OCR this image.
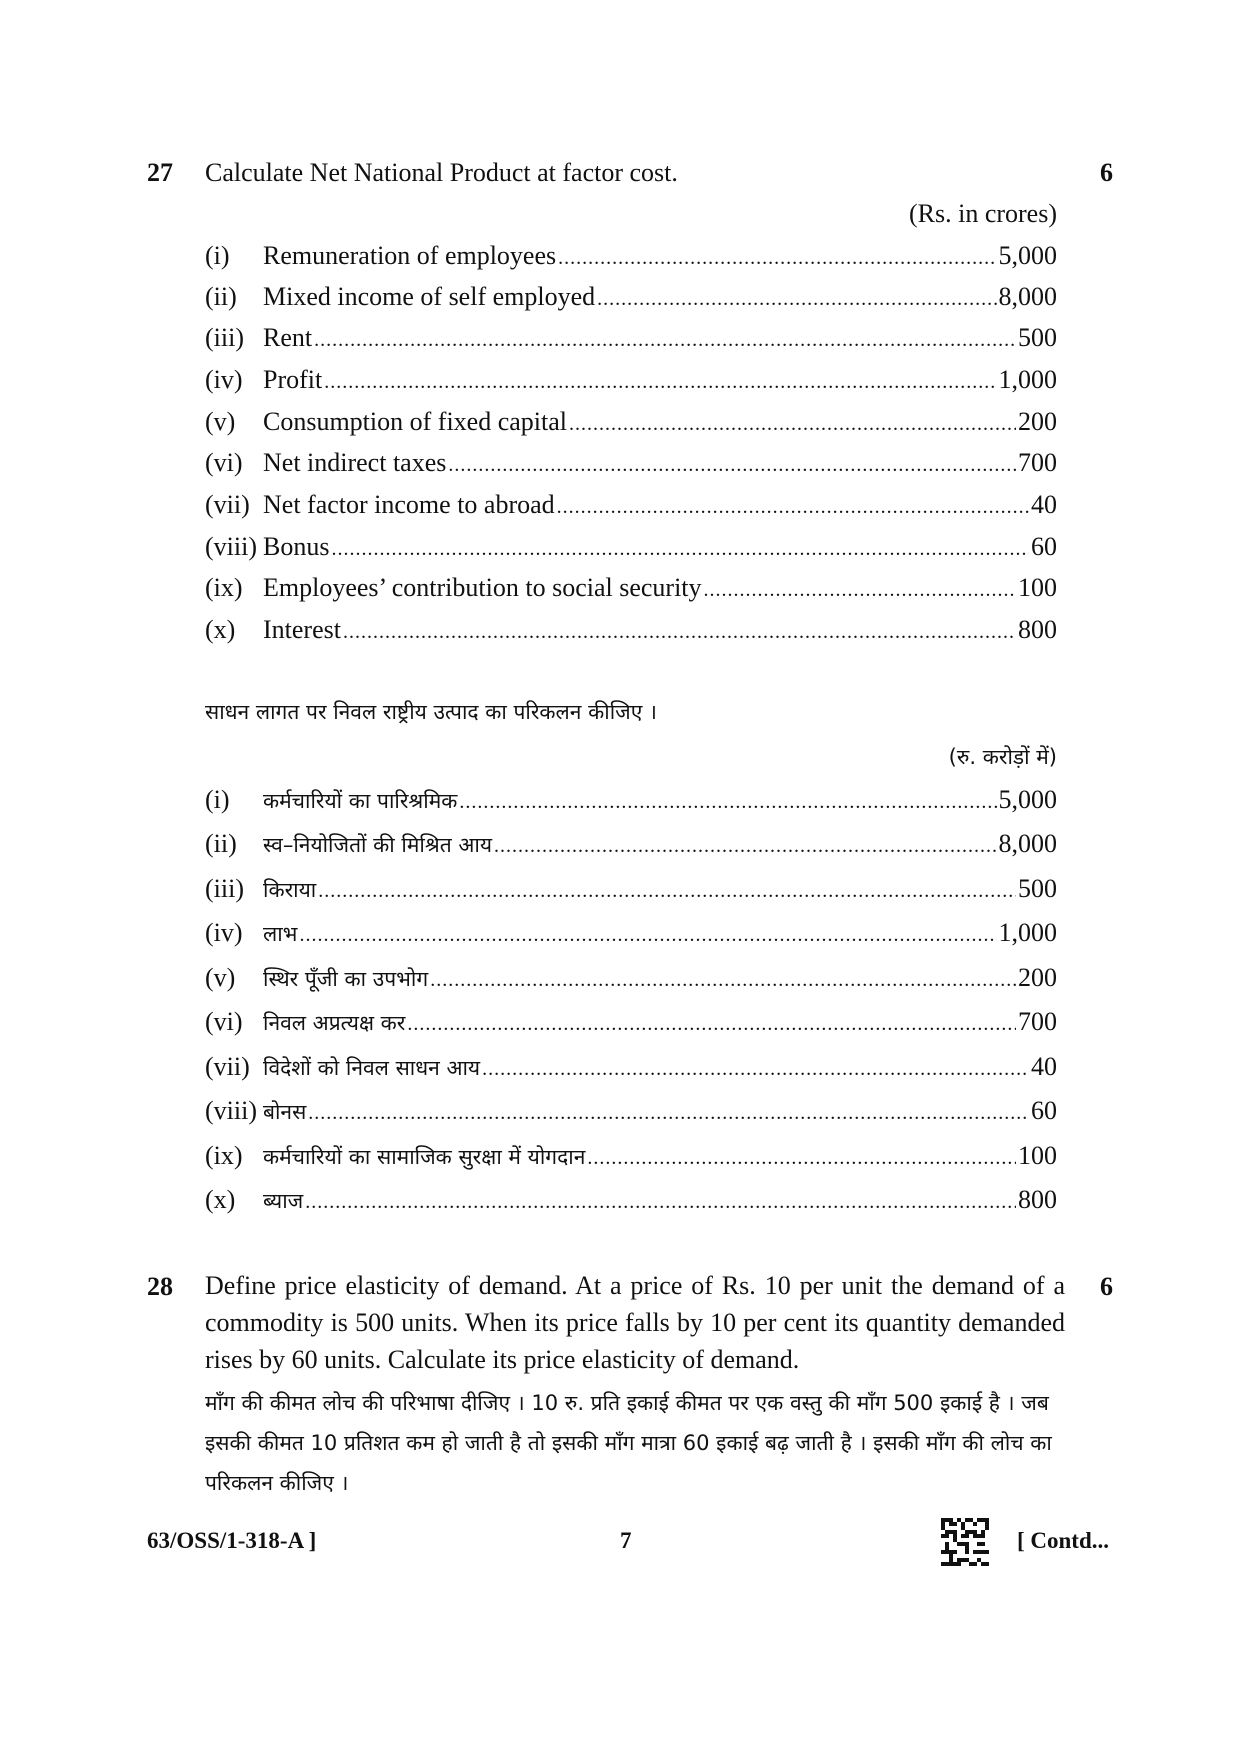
27 Calculate Net National Product at factor cost.	6
(Rs. in crores)
(i) Remuneration of employees .....	5,000
(ii) Mixed income of self employed .....	8,000
(iii) Rent .....	500
(iv) Profit .....	1,000
(v) Consumption of fixed capital .....	200
(vi) Net indirect taxes .....	700
(vii) Net factor income to abroad .....	40
(viii) Bonus .....	60
(ix) Employees’ contribution to social security .....	100
(x) Interest .....	800
साधन लागत पर निवल राष्ट्रीय उत्पाद का परिकलन कीजिए ।
(रु. करोड़ों में)
(i) कर्मचारियों का पारिश्रमिक .....	5,000
(ii) स्व–नियोजितों की मिश्रित आय .....	8,000
(iii) किराया .....	500
(iv) लाभ .....	1,000
(v) स्थिर पूँजी का उपभोग .....	200
(vi) निवल अप्रत्यक्ष कर .....	700
(vii) विदेशों को निवल साधन आय .....	40
(viii) बोनस .....	60
(ix) कर्मचारियों का सामाजिक सुरक्षा में योगदान .....	100
(x) ब्याज .....	800
28	6
Define price elasticity of demand. At a price of Rs. 10 per unit the demand of a commodity is 500 units. When its price falls by 10 per cent its quantity demanded rises by 60 units. Calculate its price elasticity of demand.
माँग की कीमत लोच की परिभाषा दीजिए । 10 रु. प्रति इकाई कीमत पर एक वस्तु की माँग 500 इकाई है । जब इसकी कीमत 10 प्रतिशत कम हो जाती है तो इसकी माँग मात्रा 60 इकाई बढ़ जाती है । इसकी माँग की लोच का परिकलन कीजिए ।
63/OSS/1-318-A ]	7	[ Contd...
